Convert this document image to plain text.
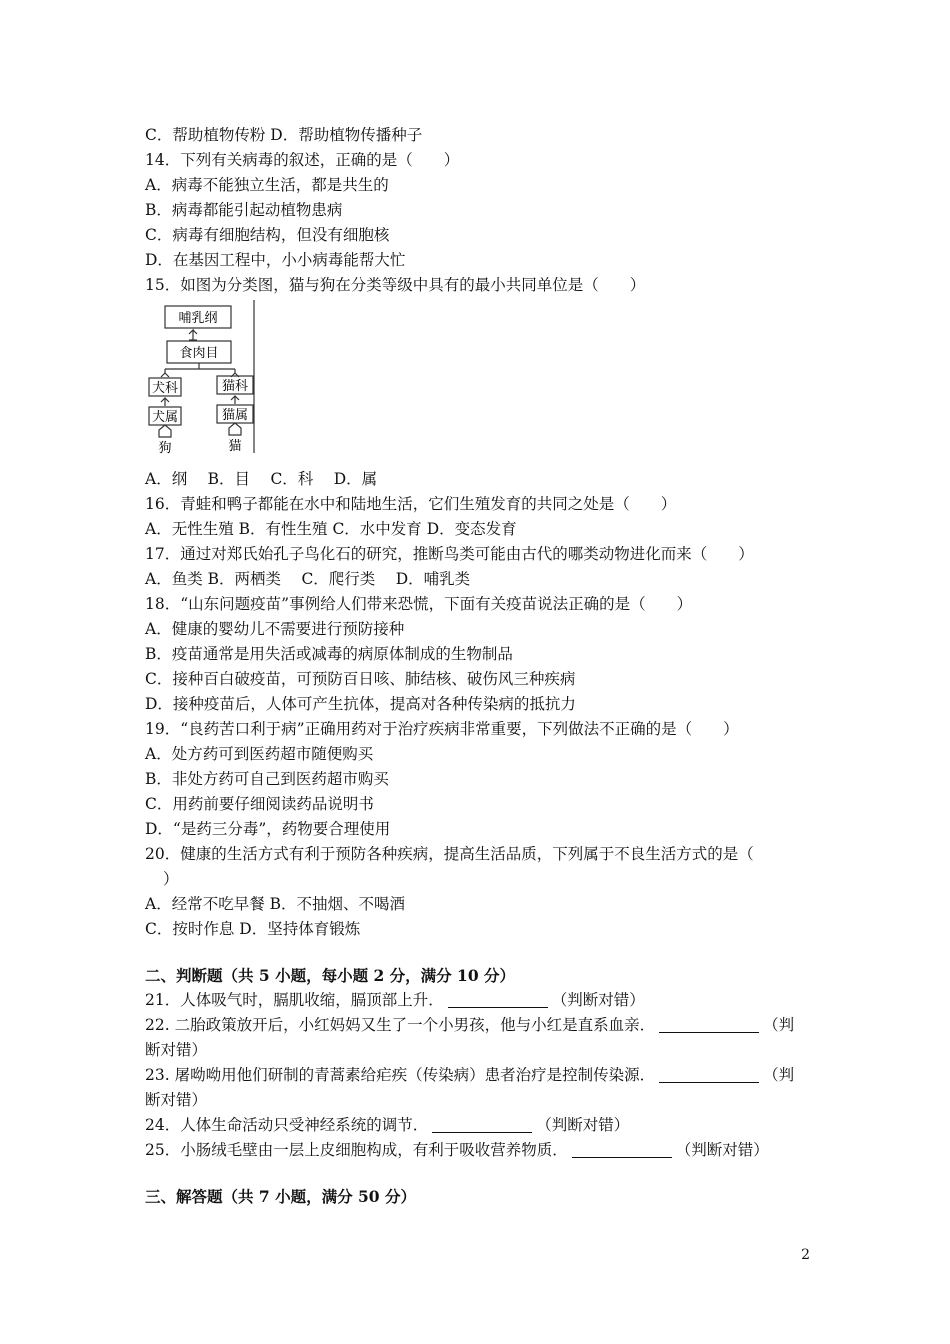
C．帮助植物传粉 D．帮助植物传播种子
14．下列有关病毒的叙述，正确的是（　　）
A．病毒不能独立生活，都是共生的
B．病毒都能引起动植物患病
C．病毒有细胞结构，但没有细胞核
D．在基因工程中，小小病毒能帮大忙
15．如图为分类图，猫与狗在分类等级中具有的最小共同单位是（　　）
哺乳纲
食肉目
犬科	猫科
犬属	猫属
狗	猫
A．纲　 B．目　 C．科　 D．属
16．青蛙和鸭子都能在水中和陆地生活，它们生殖发育的共同之处是（　　）
A．无性生殖 B．有性生殖 C．水中发育 D．变态发育
17．通过对郑氏始孔子鸟化石的研究，推断鸟类可能由古代的哪类动物进化而来（　　）
A．鱼类 B．两栖类　 C．爬行类　 D．哺乳类
18．“山东问题疫苗”事例给人们带来恐慌，下面有关疫苗说法正确的是（　　）
A．健康的婴幼儿不需要进行预防接种
B．疫苗通常是用失活或减毒的病原体制成的生物制品
C．接种百白破疫苗，可预防百日咳、肺结核、破伤风三种疾病
D．接种疫苗后，人体可产生抗体，提高对各种传染病的抵抗力
19．“良药苦口利于病”正确用药对于治疗疾病非常重要，下列做法不正确的是（　　）
A．处方药可到医药超市随便购买
B．非处方药可自己到医药超市购买
C．用药前要仔细阅读药品说明书
D．“是药三分毒”，药物要合理使用
20．健康的生活方式有利于预防各种疾病，提高生活品质，下列属于不良生活方式的是（
）
A．经常不吃早餐 B．不抽烟、不喝酒
C．按时作息 D．坚持体育锻炼
二、判断题（共 5 小题，每小题 2 分，满分 10 分）
21．人体吸气时，膈肌收缩，膈顶部上升．	（判断对错）
22. 二胎政策放开后，小红妈妈又生了一个小男孩，他与小红是直系血亲．	（判
断对错）
23. 屠呦呦用他们研制的青蒿素给疟疾（传染病）患者治疗是控制传染源．	（判
断对错）
24．人体生命活动只受神经系统的调节．	（判断对错）
25．小肠绒毛壁由一层上皮细胞构成，有利于吸收营养物质．	（判断对错）
三、解答题（共 7 小题，满分 50 分）
2
